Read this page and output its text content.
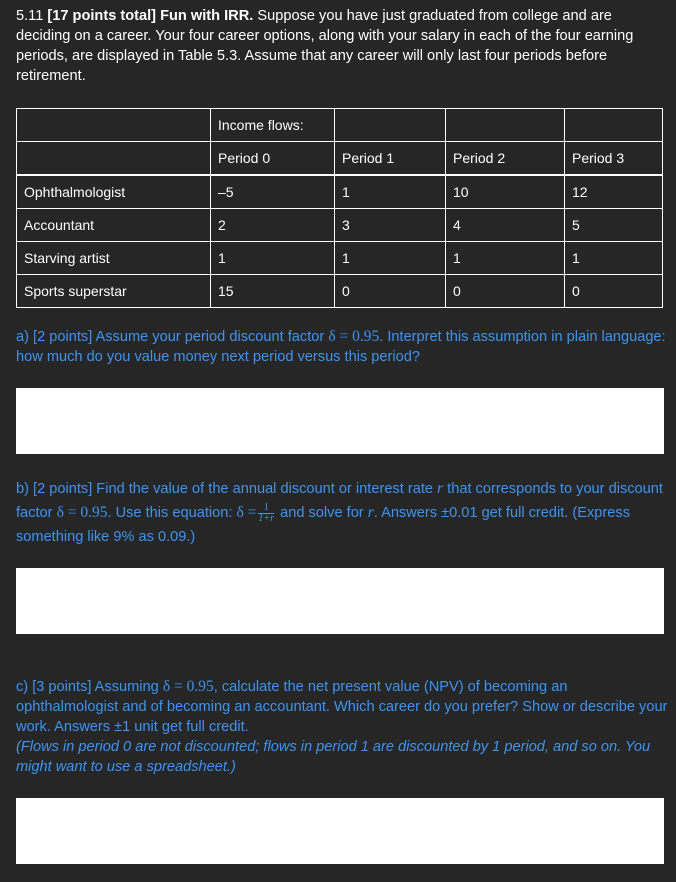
5.11 [17 points total] Fun with IRR. Suppose you have just graduated from college and are deciding on a career. Your four career options, along with your salary in each of the four earning periods, are displayed in Table 5.3. Assume that any career will only last four periods before retirement.
	Income flows:			
	Period 0	Period 1	Period 2	Period 3
Ophthalmologist	–5	1	10	12
Accountant	2	3	4	5
Starving artist	1	1	1	1
Sports superstar	15	0	0	0
a) [2 points] Assume your period discount factor δ = 0.95. Interpret this assumption in plain language: how much do you value money next period versus this period?
b) [2 points] Find the value of the annual discount or interest rate r that corresponds to your discount factor δ = 0.95. Use this equation: $\delta = \frac{1}{1+r}$ and solve for r. Answers ±0.01 get full credit. (Express something like 9% as 0.09.)
c) [3 points] Assuming δ = 0.95, calculate the net present value (NPV) of becoming an ophthalmologist and of becoming an accountant. Which career do you prefer? Show or describe your work. Answers ±1 unit get full credit.
(Flows in period 0 are not discounted; flows in period 1 are discounted by 1 period, and so on. You might want to use a spreadsheet.)
